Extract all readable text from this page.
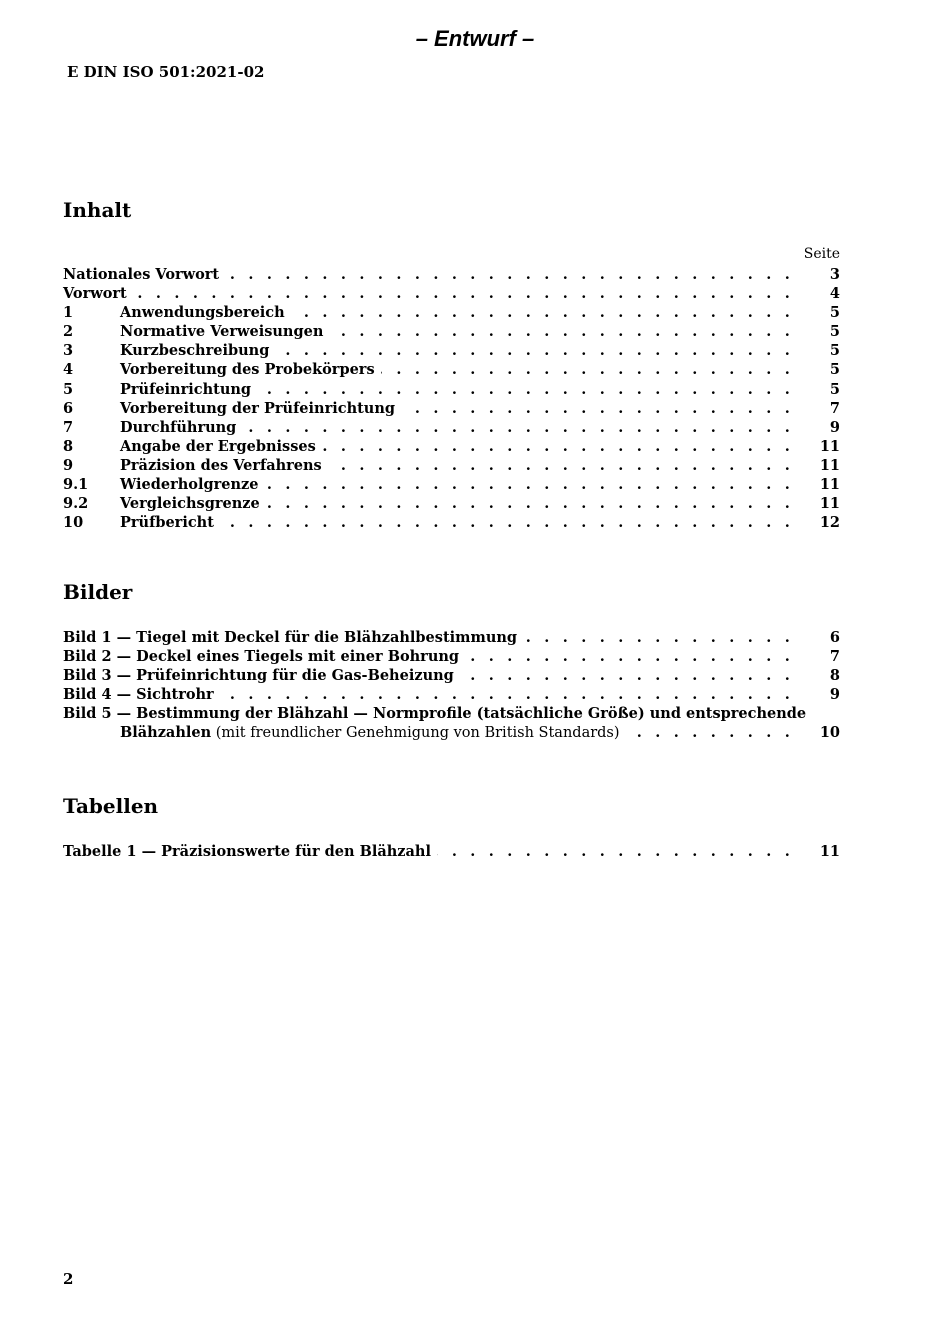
– Entwurf –
E DIN ISO 501:2021-02
Inhalt
Seite
Nationales Vorwort . . .	3
Vorwort . . .	4
1	Anwendungsbereich . . .	5
2	Normative Verweisungen . . .	5
3	Kurzbeschreibung . . .	5
4	Vorbereitung des Probekörpers . . .	5
5	Prüfeinrichtung . . .	5
6	Vorbereitung der Prüfeinrichtung . . .	7
7	Durchführung . . .	9
8	Angabe der Ergebnisses . . .	11
9	Präzision des Verfahrens . . .	11
9.1	Wiederholgrenze . . .	11
9.2	Vergleichsgrenze . . .	11
10	Prüfbericht . . .	12
Bilder
Bild 1 — Tiegel mit Deckel für die Blähzahlbestimmung . . .	6
Bild 2 — Deckel eines Tiegels mit einer Bohrung . . .	7
Bild 3 — Prüfeinrichtung für die Gas-Beheizung . . .	8
Bild 4 — Sichtrohr . . .	9
Bild 5 — Bestimmung der Blähzahl — Normprofile (tatsächliche Größe) und entsprechende
Blähzahlen (mit freundlicher Genehmigung von British Standards) . . .	10
Tabellen
Tabelle 1 — Präzisionswerte für den Blähzahl . . .	11
2
